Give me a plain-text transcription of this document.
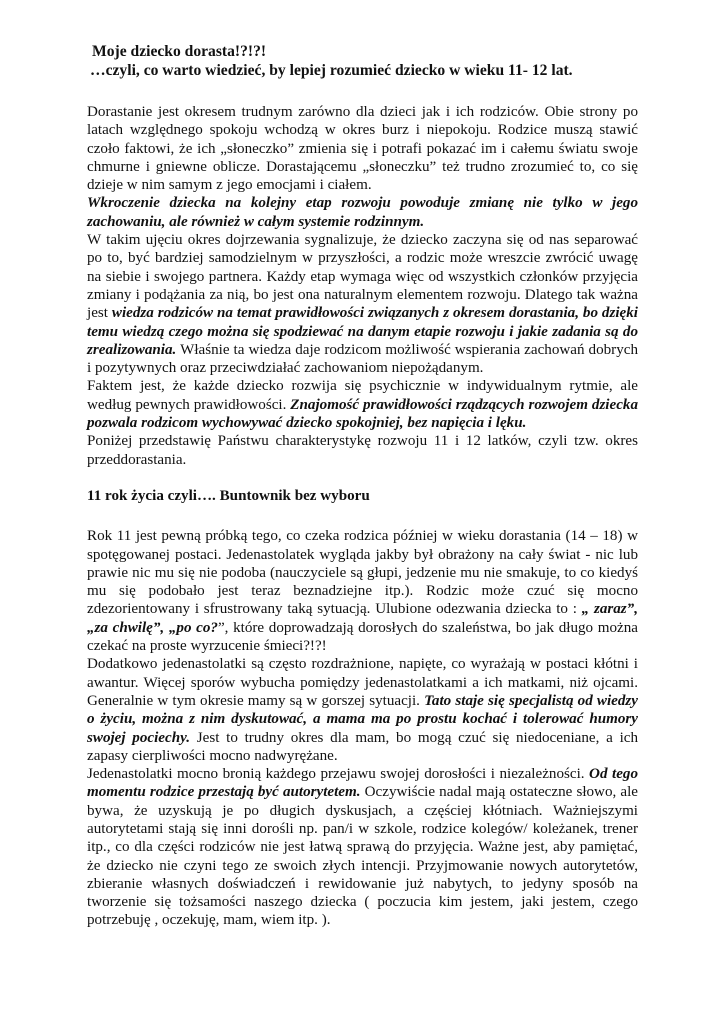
Moje dziecko dorasta!?!?!
…czyli, co warto wiedzieć, by lepiej rozumieć dziecko w wieku 11- 12 lat.

Dorastanie jest okresem trudnym zarówno dla dzieci jak i ich rodziców. Obie strony po latach względnego spokoju wchodzą w okres burz i niepokoju. Rodzice muszą stawić czoło faktowi, że ich „słoneczko” zmienia się i potrafi pokazać im i całemu światu swoje chmurne i gniewne oblicze. Dorastającemu „słoneczku” też trudno zrozumieć to, co się dzieje w nim samym z jego emocjami i ciałem.

Wkroczenie dziecka na kolejny etap rozwoju powoduje zmianę nie tylko w jego zachowaniu, ale również w całym systemie rodzinnym.

W takim ujęciu okres dojrzewania sygnalizuje, że dziecko zaczyna się od nas separować po to, być bardziej samodzielnym w przyszłości, a rodzic może wreszcie zwrócić uwagę na siebie i swojego partnera. Każdy etap wymaga więc od wszystkich członków przyjęcia zmiany i podążania za nią, bo jest ona naturalnym elementem rozwoju. Dlatego tak ważna jest wiedza rodziców na temat prawidłowości związanych z okresem dorastania, bo dzięki temu wiedzą czego można się spodziewać na danym etapie rozwoju i jakie zadania są do zrealizowania. Właśnie ta wiedza daje rodzicom możliwość wspierania zachowań dobrych i pozytywnych oraz przeciwdziałać zachowaniom niepożądanym.

Faktem jest, że każde dziecko rozwija się psychicznie w indywidualnym rytmie, ale według pewnych prawidłowości. Znajomość prawidłowości rządzących rozwojem dziecka pozwala rodzicom wychowywać dziecko spokojniej, bez napięcia i lęku.

Poniżej przedstawię Państwu charakterystykę rozwoju 11 i 12 latków, czyli tzw. okres przeddorastania.

11 rok życia czyli…. Buntownik bez wyboru

Rok 11 jest pewną próbką tego, co czeka rodzica później w wieku dorastania (14 – 18) w spotęgowanej postaci. Jedenastolatek wygląda jakby był obrażony na cały świat - nic lub prawie nic mu się nie podoba (nauczyciele są głupi, jedzenie mu nie smakuje, to co kiedyś mu się podobało jest teraz beznadziejne itp.). Rodzic może czuć się mocno zdezorientowany i sfrustrowany taką sytuacją. Ulubione odezwania dziecka to : „ zaraz”, „za chwilę”, „po co?”, które doprowadzają dorosłych do szaleństwa, bo jak długo można czekać na proste wyrzucenie śmieci?!?!

Dodatkowo jedenastolatki są często rozdrażnione, napięte, co wyrażają w postaci kłótni i awantur. Więcej sporów wybucha pomiędzy jedenastolatkami a ich matkami, niż ojcami. Generalnie w tym okresie mamy są w gorszej sytuacji. Tato staje się specjalistą od wiedzy o życiu, można z nim dyskutować, a mama ma po prostu kochać i tolerować humory swojej pociechy. Jest to trudny okres dla mam, bo mogą czuć się niedoceniane, a ich zapasy cierpliwości mocno nadwyrężane.

Jedenastolatki mocno bronią każdego przejawu swojej dorosłości i niezależności. Od tego momentu rodzice przestają być autorytetem. Oczywiście nadal mają ostateczne słowo, ale bywa, że uzyskują je po długich dyskusjach, a częściej kłótniach. Ważniejszymi autorytetami stają się inni dorośli np. pan/i w szkole, rodzice kolegów/ koleżanek, trener itp., co dla części rodziców nie jest łatwą sprawą do przyjęcia. Ważne jest, aby pamiętać, że dziecko nie czyni tego ze swoich złych intencji. Przyjmowanie nowych autorytetów, zbieranie własnych doświadczeń i rewidowanie już nabytych, to jedyny sposób na tworzenie się tożsamości naszego dziecka ( poczucia kim jestem, jaki jestem, czego potrzebuję , oczekuję, mam, wiem itp. ).
